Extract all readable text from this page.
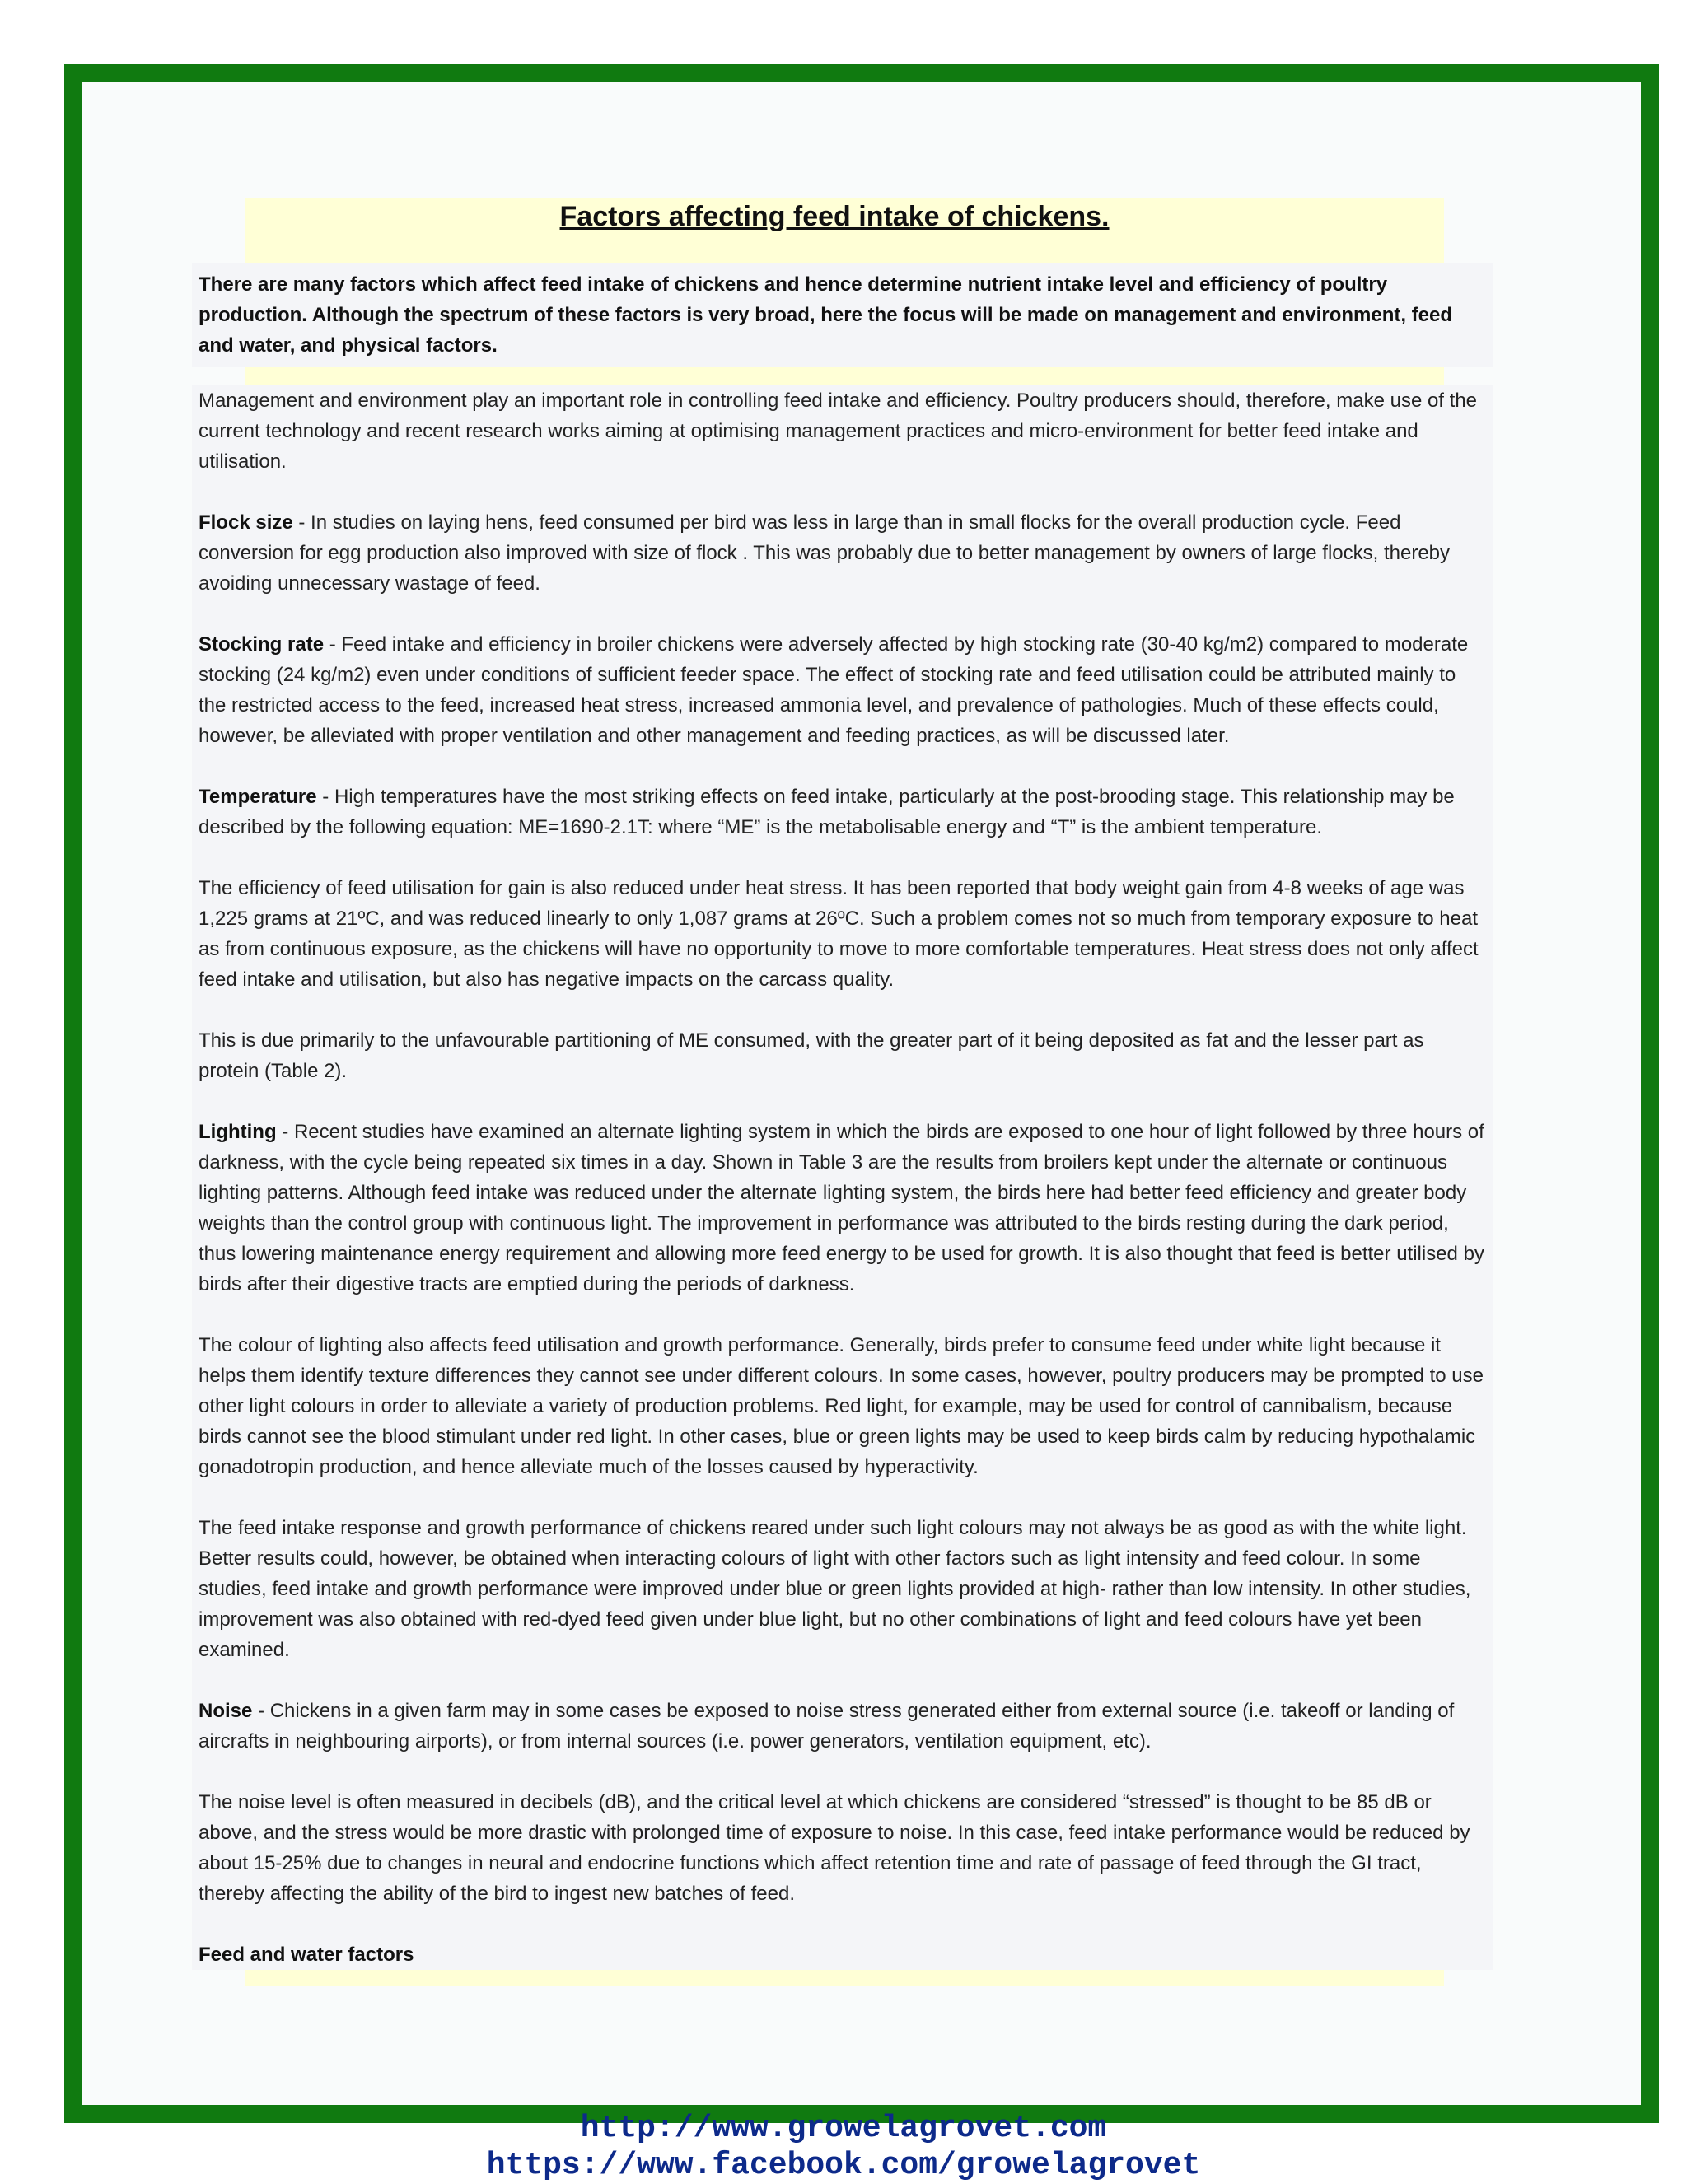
Factors affecting feed intake of chickens.

There are many factors which affect feed intake of chickens and hence determine nutrient intake level and efficiency of poultry production. Although the spectrum of these factors is very broad, here the focus will be made on management and environment, feed and water, and physical factors.

Management and environment play an important role in controlling feed intake and efficiency. Poultry producers should, therefore, make use of the current technology and recent research works aiming at optimising management practices and micro-environment for better feed intake and utilisation.

Flock size - In studies on laying hens, feed consumed per bird was less in large than in small flocks for the overall production cycle. Feed conversion for egg production also improved with size of flock . This was probably due to better management by owners of large flocks, thereby avoiding unnecessary wastage of feed.

Stocking rate - Feed intake and efficiency in broiler chickens were adversely affected by high stocking rate (30-40 kg/m2) compared to moderate stocking (24 kg/m2) even under conditions of sufficient feeder space. The effect of stocking rate and feed utilisation could be attributed mainly to the restricted access to the feed, increased heat stress, increased ammonia level, and prevalence of pathologies. Much of these effects could, however, be alleviated with proper ventilation and other management and feeding practices, as will be discussed later.

Temperature - High temperatures have the most striking effects on feed intake, particularly at the post-brooding stage. This relationship may be described by the following equation: ME=1690-2.1T: where “ME” is the metabolisable energy and “T” is the ambient temperature.

The efficiency of feed utilisation for gain is also reduced under heat stress. It has been reported that body weight gain from 4-8 weeks of age was 1,225 grams at 21ºC, and was reduced linearly to only 1,087 grams at 26ºC. Such a problem comes not so much from temporary exposure to heat as from continuous exposure, as the chickens will have no opportunity to move to more comfortable temperatures. Heat stress does not only affect feed intake and utilisation, but also has negative impacts on the carcass quality.

This is due primarily to the unfavourable partitioning of ME consumed, with the greater part of it being deposited as fat and the lesser part as protein (Table 2).

Lighting - Recent studies have examined an alternate lighting system in which the birds are exposed to one hour of light followed by three hours of darkness, with the cycle being repeated six times in a day. Shown in Table 3 are the results from broilers kept under the alternate or continuous lighting patterns. Although feed intake was reduced under the alternate lighting system, the birds here had better feed efficiency and greater body weights than the control group with continuous light. The improvement in performance was attributed to the birds resting during the dark period, thus lowering maintenance energy requirement and allowing more feed energy to be used for growth. It is also thought that feed is better utilised by birds after their digestive tracts are emptied during the periods of darkness.

The colour of lighting also affects feed utilisation and growth performance. Generally, birds prefer to consume feed under white light because it helps them identify texture differences they cannot see under different colours. In some cases, however, poultry producers may be prompted to use other light colours in order to alleviate a variety of production problems. Red light, for example, may be used for control of cannibalism, because birds cannot see the blood stimulant under red light. In other cases, blue or green lights may be used to keep birds calm by reducing hypothalamic gonadotropin production, and hence alleviate much of the losses caused by hyperactivity.

The feed intake response and growth performance of chickens reared under such light colours may not always be as good as with the white light. Better results could, however, be obtained when interacting colours of light with other factors such as light intensity and feed colour. In some studies, feed intake and growth performance were improved under blue or green lights provided at high- rather than low intensity. In other studies, improvement was also obtained with red-dyed feed given under blue light, but no other combinations of light and feed colours have yet been examined.

Noise - Chickens in a given farm may in some cases be exposed to noise stress generated either from external source (i.e. takeoff or landing of aircrafts in neighbouring airports), or from internal sources (i.e. power generators, ventilation equipment, etc).

The noise level is often measured in decibels (dB), and the critical level at which chickens are considered “stressed” is thought to be 85 dB or above, and the stress would be more drastic with prolonged time of exposure to noise. In this case, feed intake performance would be reduced by about 15-25% due to changes in neural and endocrine functions which affect retention time and rate of passage of feed through the GI tract, thereby affecting the ability of the bird to ingest new batches of feed.

Feed and water factors

http://www.growelagrovet.com
https://www.facebook.com/growelagrovet
